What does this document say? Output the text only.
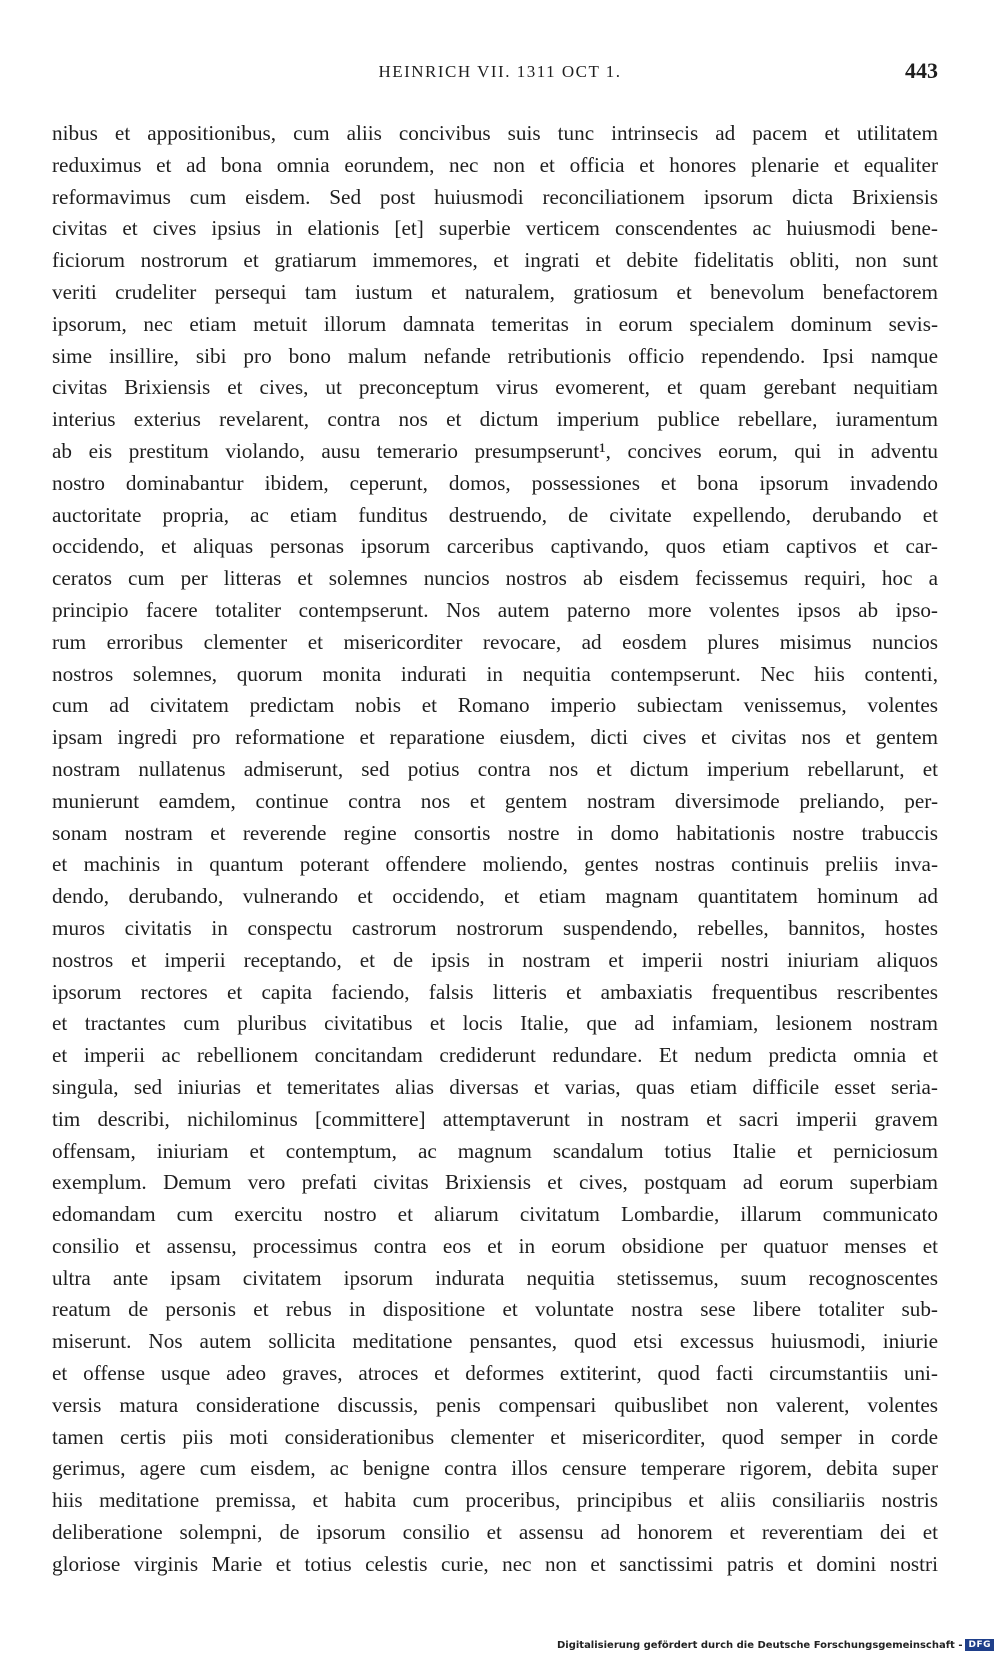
HEINRICH VII. 1311 OCT 1.	443
nibus et appositionibus, cum aliis concivibus suis tunc intrinsecis ad pacem et utilitatem
reduximus et ad bona omnia eorundem, nec non et officia et honores plenarie et equaliter
reformavimus cum eisdem. Sed post huiusmodi reconciliationem ipsorum dicta Brixiensis
civitas et cives ipsius in elationis [et] superbie verticem conscendentes ac huiusmodi bene-
ficiorum nostrorum et gratiarum immemores, et ingrati et debite fidelitatis obliti, non sunt
veriti crudeliter persequi tam iustum et naturalem, gratiosum et benevolum benefactorem
ipsorum, nec etiam metuit illorum damnata temeritas in eorum specialem dominum sevis-
sime insillire, sibi pro bono malum nefande retributionis officio rependendo. Ipsi namque
civitas Brixiensis et cives, ut preconceptum virus evomerent, et quam gerebant nequitiam
interius exterius revelarent, contra nos et dictum imperium publice rebellare, iuramentum
ab eis prestitum violando, ausu temerario presumpserunt¹, concives eorum, qui in adventu
nostro dominabantur ibidem, ceperunt, domos, possessiones et bona ipsorum invadendo
auctoritate propria, ac etiam funditus destruendo, de civitate expellendo, derubando et
occidendo, et aliquas personas ipsorum carceribus captivando, quos etiam captivos et car-
ceratos cum per litteras et solemnes nuncios nostros ab eisdem fecissemus requiri, hoc a
principio facere totaliter contempserunt. Nos autem paterno more volentes ipsos ab ipso-
rum erroribus clementer et misericorditer revocare, ad eosdem plures misimus nuncios
nostros solemnes, quorum monita indurati in nequitia contempserunt. Nec hiis contenti,
cum ad civitatem predictam nobis et Romano imperio subiectam venissemus, volentes
ipsam ingredi pro reformatione et reparatione eiusdem, dicti cives et civitas nos et gentem
nostram nullatenus admiserunt, sed potius contra nos et dictum imperium rebellarunt, et
munierunt eamdem, continue contra nos et gentem nostram diversimode preliando, per-
sonam nostram et reverende regine consortis nostre in domo habitationis nostre trabuccis
et machinis in quantum poterant offendere moliendo, gentes nostras continuis preliis inva-
dendo, derubando, vulnerando et occidendo, et etiam magnam quantitatem hominum ad
muros civitatis in conspectu castrorum nostrorum suspendendo, rebelles, bannitos, hostes
nostros et imperii receptando, et de ipsis in nostram et imperii nostri iniuriam aliquos
ipsorum rectores et capita faciendo, falsis litteris et ambaxiatis frequentibus rescribentes
et tractantes cum pluribus civitatibus et locis Italie, que ad infamiam, lesionem nostram
et imperii ac rebellionem concitandam crediderunt redundare. Et nedum predicta omnia et
singula, sed iniurias et temeritates alias diversas et varias, quas etiam difficile esset seria-
tim describi, nichilominus [committere] attemptaverunt in nostram et sacri imperii gravem
offensam, iniuriam et contemptum, ac magnum scandalum totius Italie et perniciosum
exemplum. Demum vero prefati civitas Brixiensis et cives, postquam ad eorum superbiam
edomandam cum exercitu nostro et aliarum civitatum Lombardie, illarum communicato
consilio et assensu, processimus contra eos et in eorum obsidione per quatuor menses et
ultra ante ipsam civitatem ipsorum indurata nequitia stetissemus, suum recognoscentes
reatum de personis et rebus in dispositione et voluntate nostra sese libere totaliter sub-
miserunt. Nos autem sollicita meditatione pensantes, quod etsi excessus huiusmodi, iniurie
et offense usque adeo graves, atroces et deformes extiterint, quod facti circumstantiis uni-
versis matura consideratione discussis, penis compensari quibuslibet non valerent, volentes
tamen certis piis moti considerationibus clementer et misericorditer, quod semper in corde
gerimus, agere cum eisdem, ac benigne contra illos censure temperare rigorem, debita super
hiis meditatione premissa, et habita cum proceribus, principibus et aliis consiliariis nostris
deliberatione solempni, de ipsorum consilio et assensu ad honorem et reverentiam dei et
gloriose virginis Marie et totius celestis curie, nec non et sanctissimi patris et domini nostri
Digitalisierung gefördert durch die Deutsche Forschungsgemeinschaft - DFG
